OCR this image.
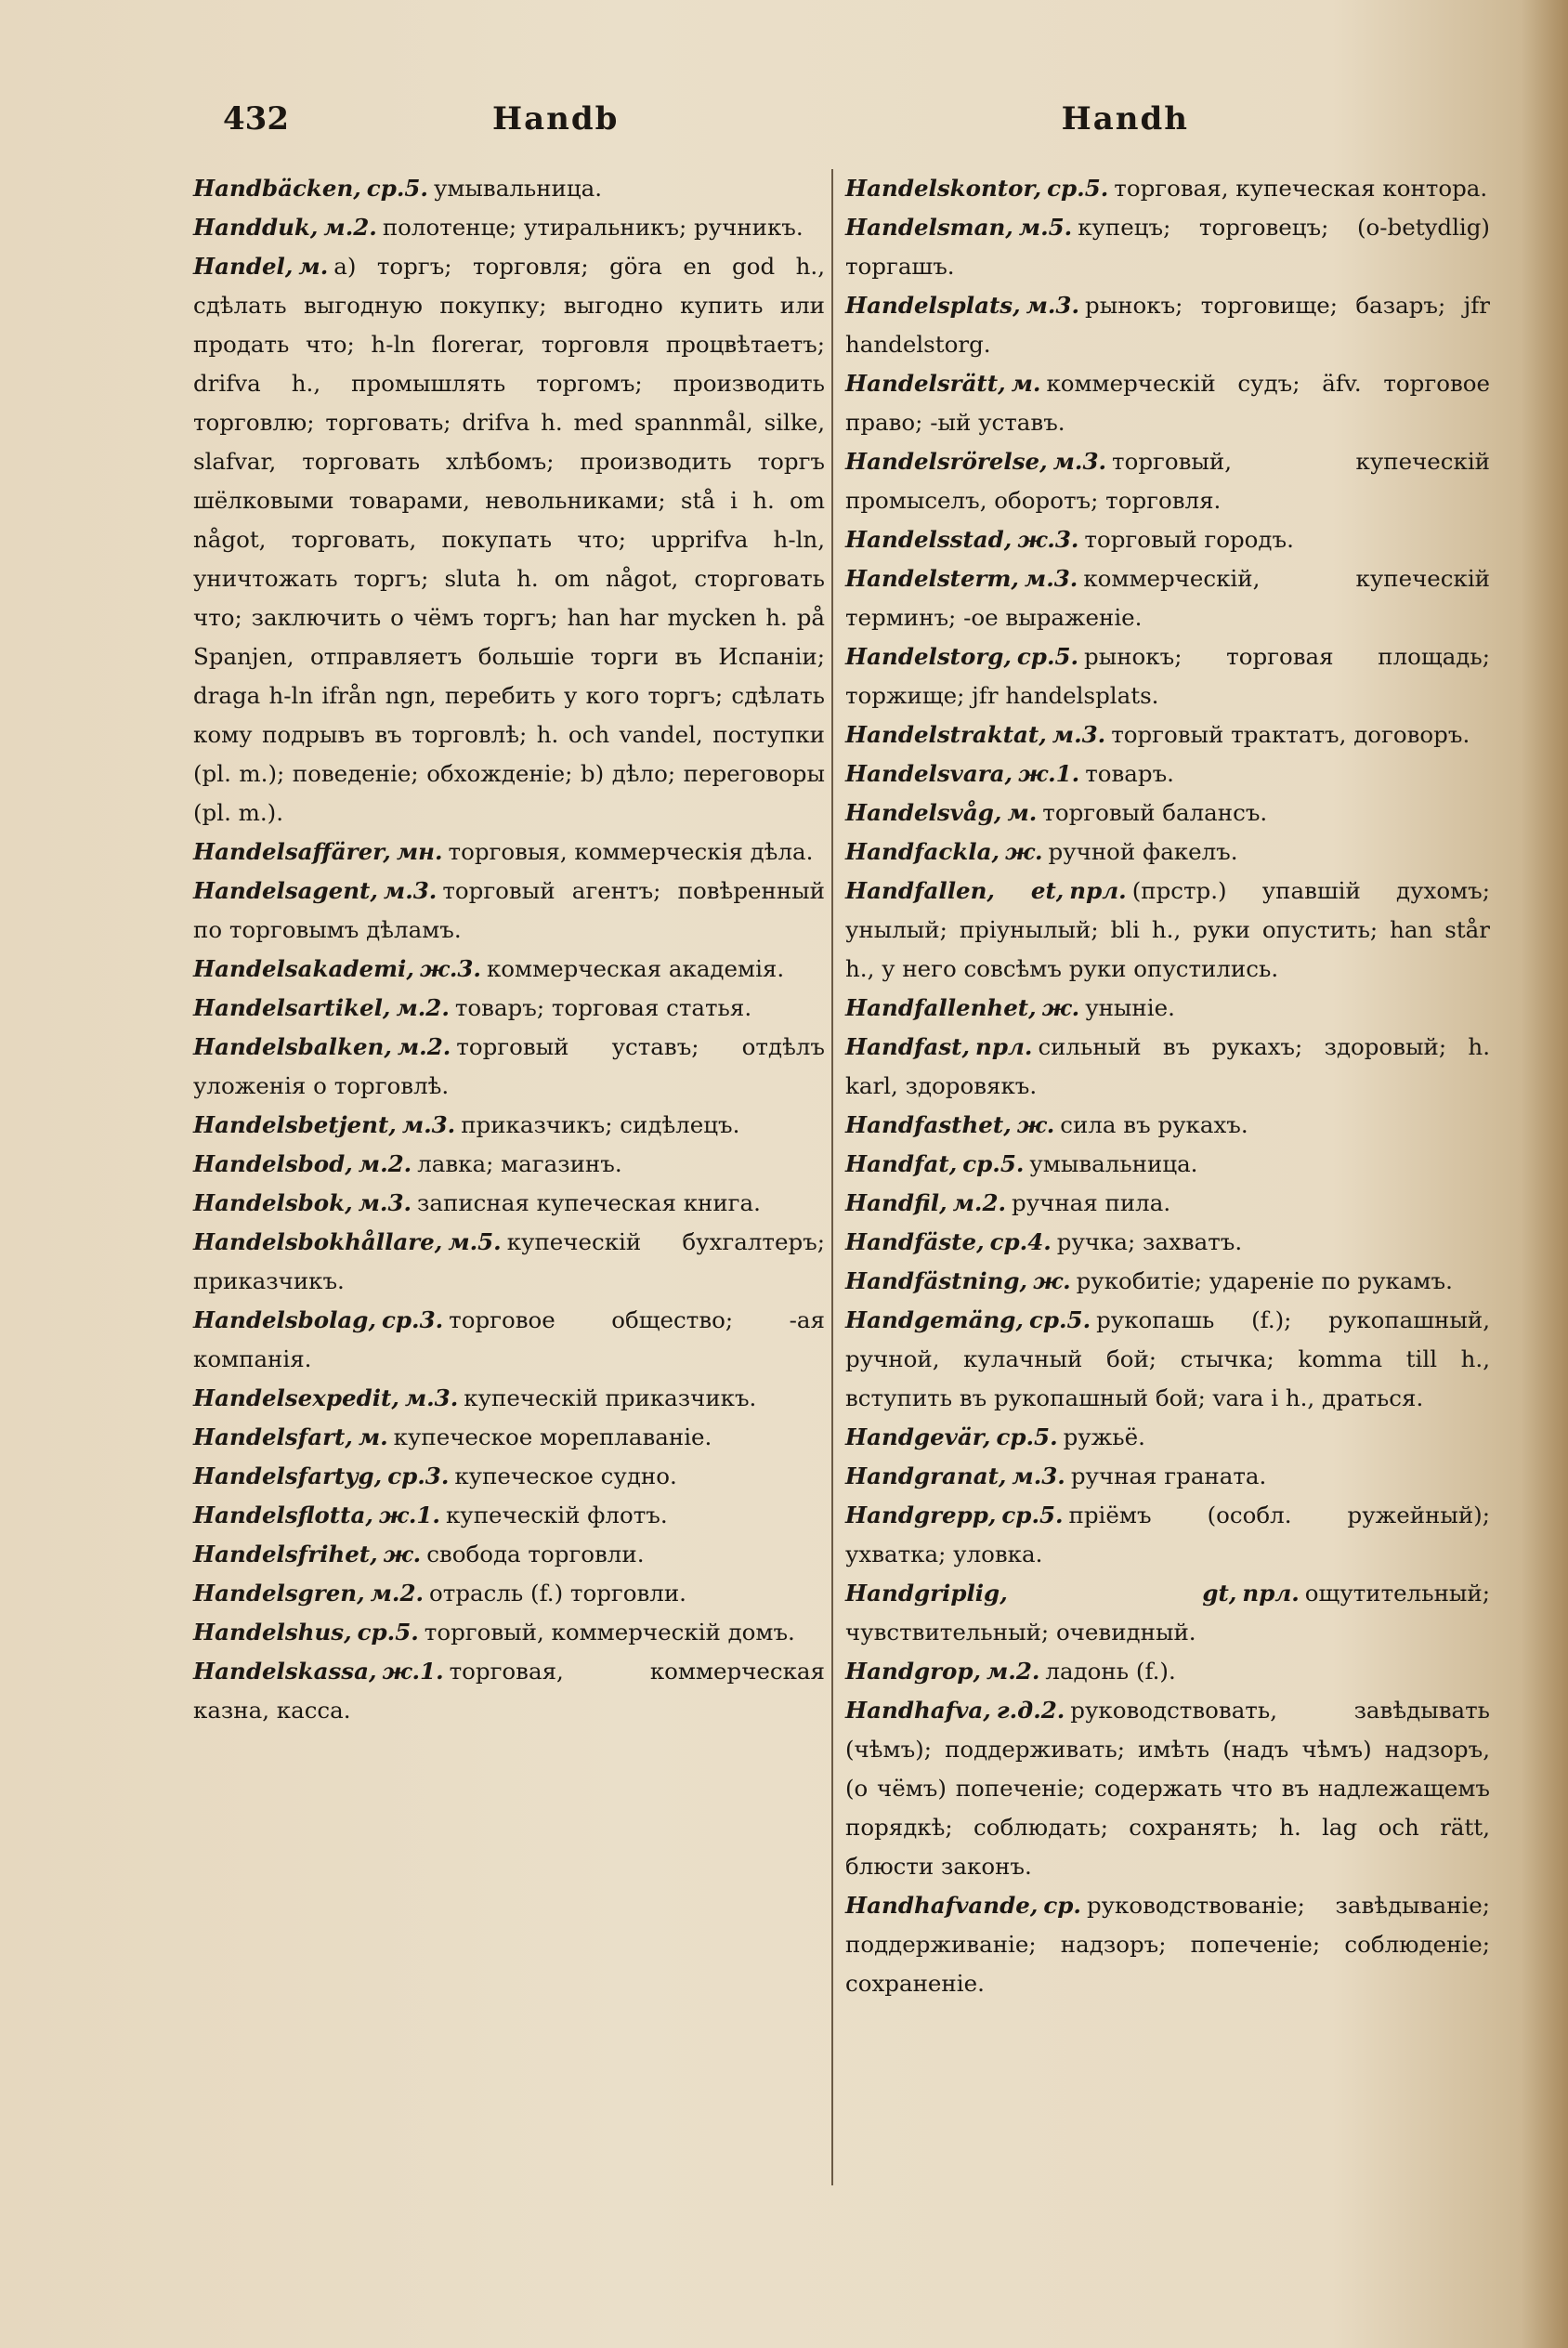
432	Handb	Handh

Handbäcken, ср.5. умывальница.

Handduk, м.2. полотенце; утиральникъ; ручникъ.

Handel, м. a) торгъ; торговля; göra en god h., сдѣлать выгодную покупку; выгодно купить или продать что; h-ln florerar, торговля процвѣтаетъ; drifva h., промышлять торгомъ; производить торговлю; торговать; drifva h. med spannmål, silke, slafvar, торговать хлѣбомъ; производить торгъ шёлковыми товарами, невольниками; stå i h. om något, торговать, покупать что; upprifva h-ln, уничтожать торгъ; sluta h. om något, сторговать что; заключить о чёмъ торгъ; han har mycken h. på Spanjen, отправляетъ большіе торги въ Испаніи; draga h-ln ifrån ngn, перебить у кого торгъ; сдѣлать кому подрывъ въ торговлѣ; h. och vandel, поступки (pl. m.); поведеніе; обхожденіе; b) дѣло; переговоры (pl. m.).

Handelsaffärer, мн. торговыя, коммерческія дѣла.

Handelsagent, м.3. торговый агентъ; повѣренный по торговымъ дѣламъ.

Handelsakademi, ж.3. коммерческая академія.

Handelsartikel, м.2. товаръ; торговая статья.

Handelsbalken, м.2. торговый уставъ; отдѣлъ уложенія о торговлѣ.

Handelsbetjent, м.3. приказчикъ; сидѣлецъ.

Handelsbod, м.2. лавка; магазинъ.

Handelsbok, м.3. записная купеческая книга.

Handelsbokhållare, м.5. купеческій бухгалтеръ; приказчикъ.

Handelsbolag, ср.3. торговое общество; -ая компанія.

Handelsexpedit, м.3. купеческій приказчикъ.

Handelsfart, м. купеческое мореплаваніе.

Handelsfartyg, ср.3. купеческое судно.

Handelsflotta, ж.1. купеческій флотъ.

Handelsfrihet, ж. свобода торговли.

Handelsgren, м.2. отрасль (f.) торговли.

Handelshus, ср.5. торговый, коммерческій домъ.

Handelskassa, ж.1. торговая, коммерческая казна, касса.

Handelskontor, ср.5. торговая, купеческая контора.

Handelsman, м.5. купецъ; торговецъ; (o-betydlig) торгашъ.

Handelsplats, м.3. рынокъ; торговище; базаръ; jfr handelstorg.

Handelsrätt, м. коммерческій судъ; äfv. торговое право; -ый уставъ.

Handelsrörelse, м.3. торговый, купеческій промыселъ, оборотъ; торговля.

Handelsstad, ж.3. торговый городъ.

Handelsterm, м.3. коммерческій, купеческій терминъ; -ое выраженіе.

Handelstorg, ср.5. рынокъ; торговая площадь; торжище; jfr handelsplats.

Handelstraktat, м.3. торговый трактатъ, договоръ.

Handelsvara, ж.1. товаръ.

Handelsvåg, м. торговый балансъ.

Handfackla, ж. ручной факелъ.

Handfallen, et, прл. (прстр.) упавшій духомъ; унылый; пріунылый; bli h., руки опустить; han står h., у него совсѣмъ руки опустились.

Handfallenhet, ж. уныніе.

Handfast, прл. сильный въ рукахъ; здоровый; h. karl, здоровякъ.

Handfasthet, ж. сила въ рукахъ.

Handfat, ср.5. умывальница.

Handfil, м.2. ручная пила.

Handfäste, ср.4. ручка; захватъ.

Handfästning, ж. рукобитіе; удареніе по рукамъ.

Handgemäng, ср.5. рукопашь (f.); рукопашный, ручной, кулачный бой; стычка; komma till h., вступить въ рукопашный бой; vara i h., драться.

Handgevär, ср.5. ружьё.

Handgranat, м.3. ручная граната.

Handgrepp, ср.5. пріёмъ (особл. ружейный); ухватка; уловка.

Handgriplig, gt, прл. ощутительный; чувствительный; очевидный.

Handgrop, м.2. ладонь (f.).

Handhafva, г.д.2. руководствовать, завѣдывать (чѣмъ); поддерживать; имѣть (надъ чѣмъ) надзоръ, (о чёмъ) попеченіе; содержать что въ надлежащемъ порядкѣ; соблюдать; сохранять; h. lag och rätt, блюсти законъ.

Handhafvande, ср. руководствованіе; завѣдываніе; поддерживаніе; надзоръ; попеченіе; соблюденіе; сохраненіе.
